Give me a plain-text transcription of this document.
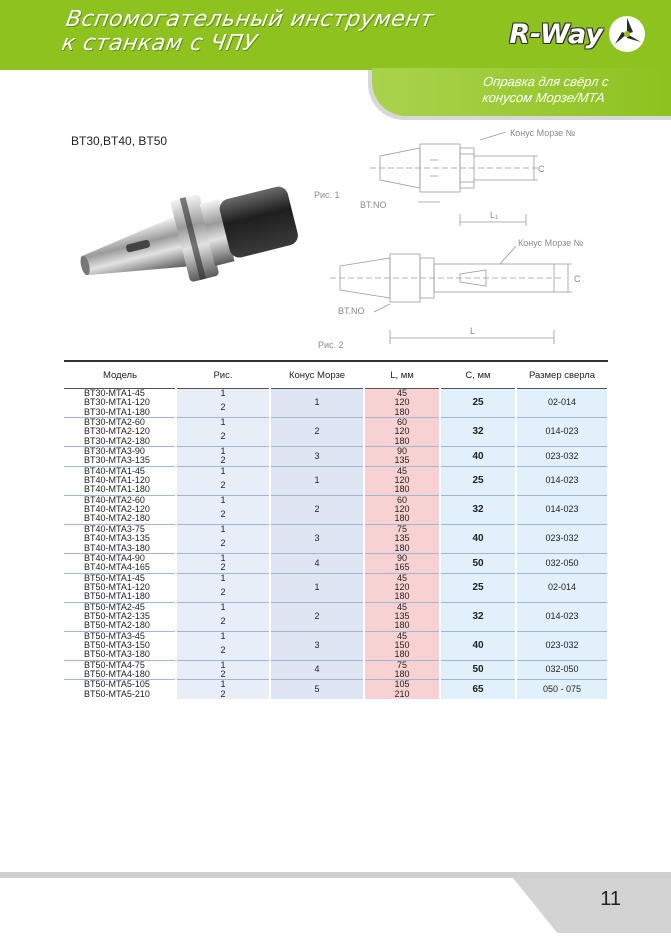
Вспомогательный инструмент
к станкам с ЧПУ	R-Way
Оправка для свёрл с
конусом Морзе/МТА
BT30,BT40, BT50
Рис. 1
Конус Морзе №
C
BT.NO
L₁
Рис. 2
Конус Морзе №
C
BT.NO
L
Модель	Рис.	Конус Морзе	L, мм	С, мм	Размер сверла
BT30-MTA1-45	1	1	45	25	02-014
BT30-MTA1-120	2		120		
BT30-MTA1-180			180		
BT30-MTA2-60	1	2	60	32	014-023
BT30-MTA2-120	2		120		
BT30-MTA2-180			180		
BT30-MTA3-90	1	3	90	40	023-032
BT30-MTA3-135	2		135		
BT40-MTA1-45	1	1	45	25	014-023
BT40-MTA1-120	2		120		
BT40-MTA1-180			180		
BT40-MTA2-60	1	2	60	32	014-023
BT40-MTA2-120	2		120		
BT40-MTA2-180			180		
BT40-MTA3-75	1	3	75	40	023-032
BT40-MTA3-135	2		135		
BT40-MTA3-180			180		
BT40-MTA4-90	1	4	90	50	032-050
BT40-MTA4-165	2		165		
BT50-MTA1-45	1	1	45	25	02-014
BT50-MTA1-120	2		120		
BT50-MTA1-180			180		
BT50-MTA2-45	1	2	45	32	014-023
BT50-MTA2-135	2		135		
BT50-MTA2-180			180		
BT50-MTA3-45	1	3	45	40	023-032
BT50-MTA3-150	2		150		
BT50-MTA3-180			180		
BT50-MTA4-75	1	4	75	50	032-050
BT50-MTA4-180	2		180		
BT50-MTA5-105	1	5	105	65	050 - 075
BT50-MTA5-210	2		210		
11
